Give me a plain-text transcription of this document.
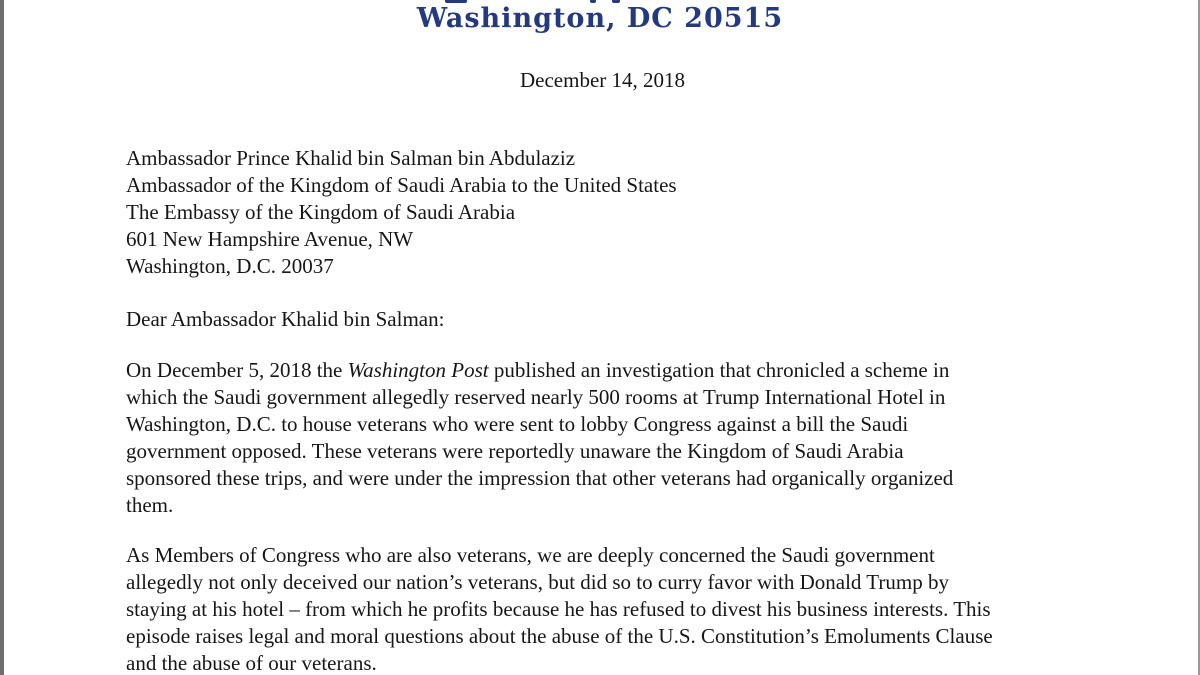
Washington, DC 20515
December 14, 2018
Ambassador Prince Khalid bin Salman bin Abdulaziz
Ambassador of the Kingdom of Saudi Arabia to the United States
The Embassy of the Kingdom of Saudi Arabia
601 New Hampshire Avenue, NW
Washington, D.C. 20037
Dear Ambassador Khalid bin Salman:
On December 5, 2018 the Washington Post published an investigation that chronicled a scheme in
which the Saudi government allegedly reserved nearly 500 rooms at Trump International Hotel in
Washington, D.C. to house veterans who were sent to lobby Congress against a bill the Saudi
government opposed. These veterans were reportedly unaware the Kingdom of Saudi Arabia
sponsored these trips, and were under the impression that other veterans had organically organized
them.
As Members of Congress who are also veterans, we are deeply concerned the Saudi government
allegedly not only deceived our nation’s veterans, but did so to curry favor with Donald Trump by
staying at his hotel – from which he profits because he has refused to divest his business interests. This
episode raises legal and moral questions about the abuse of the U.S. Constitution’s Emoluments Clause
and the abuse of our veterans.
